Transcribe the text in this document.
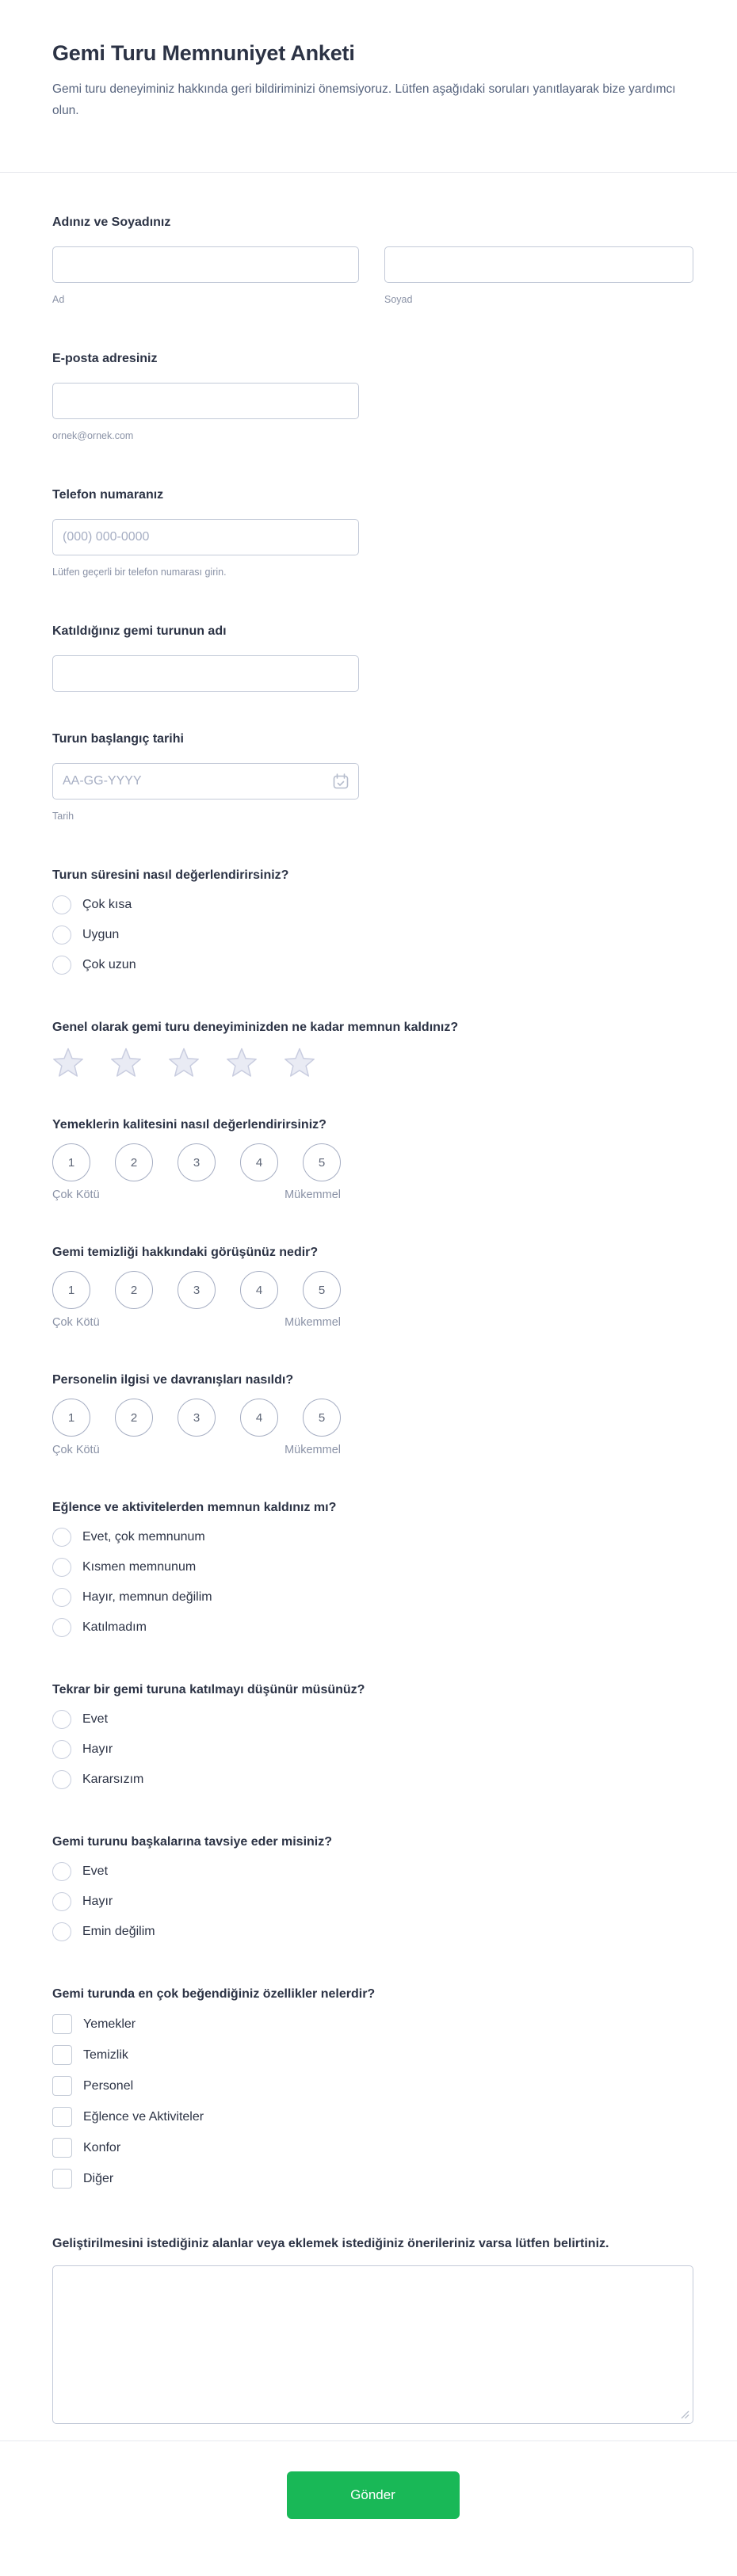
Gemi Turu Memnuniyet Anketi
Gemi turu deneyiminiz hakkında geri bildiriminizi önemsiyoruz. Lütfen aşağıdaki soruları yanıtlayarak bize yardımcı olun.
Adınız ve Soyadınız
Ad	Soyad
E-posta adresiniz
ornek@ornek.com
Telefon numaranız
(000) 000-0000
Lütfen geçerli bir telefon numarası girin.
Katıldığınız gemi turunun adı
Turun başlangıç tarihi
AA-GG-YYYY
Tarih
Turun süresini nasıl değerlendirirsiniz?
Çok kısa
Uygun
Çok uzun
Genel olarak gemi turu deneyiminizden ne kadar memnun kaldınız?
Yemeklerin kalitesini nasıl değerlendirirsiniz?
1	2	3	4	5
Çok Kötü	Mükemmel
Gemi temizliği hakkındaki görüşünüz nedir?
1	2	3	4	5
Çok Kötü	Mükemmel
Personelin ilgisi ve davranışları nasıldı?
1	2	3	4	5
Çok Kötü	Mükemmel
Eğlence ve aktivitelerden memnun kaldınız mı?
Evet, çok memnunum
Kısmen memnunum
Hayır, memnun değilim
Katılmadım
Tekrar bir gemi turuna katılmayı düşünür müsünüz?
Evet
Hayır
Kararsızım
Gemi turunu başkalarına tavsiye eder misiniz?
Evet
Hayır
Emin değilim
Gemi turunda en çok beğendiğiniz özellikler nelerdir?
Yemekler
Temizlik
Personel
Eğlence ve Aktiviteler
Konfor
Diğer
Geliştirilmesini istediğiniz alanlar veya eklemek istediğiniz önerileriniz varsa lütfen belirtiniz.
Gönder
